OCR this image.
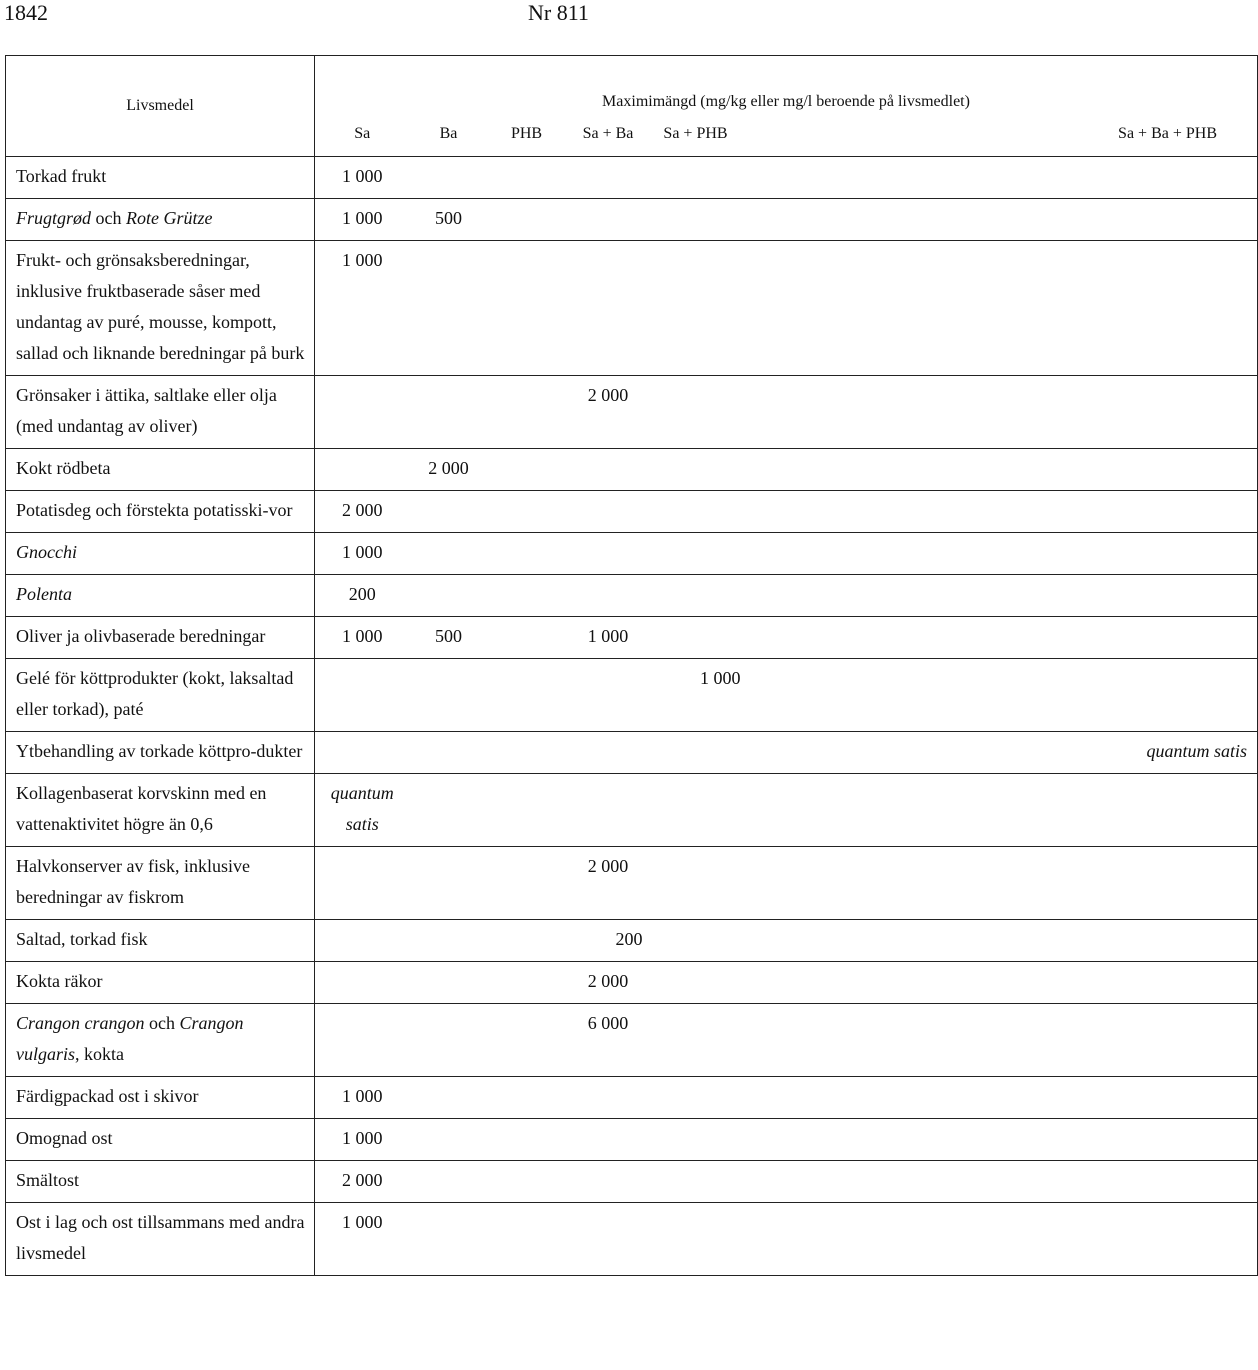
1842	Nr 811
Livsmedel	Maximimängd (mg/kg eller mg/l beroende på livsmedlet)					
	Sa	Ba	PHB	Sa + Ba	Sa + PHB	Sa + Ba + PHB
Torkad frukt	1 000					
Frugtgrød och Rote Grütze	1 000	500				
Frukt- och grönsaksberedningar, inklusive fruktbaserade såser med undantag av puré, mousse, kompott, sallad och liknande beredningar på burk	1 000					
Grönsaker i ättika, saltlake eller olja (med undantag av oliver)				2 000		
Kokt rödbeta		2 000				
Potatisdeg och förstekta potatisski-vor	2 000					
Gnocchi	1 000					
Polenta	200					
Oliver ja olivbaserade beredningar	1 000	500		1 000		
Gelé för köttprodukter (kokt, laksaltad eller torkad), paté					1 000	
Ytbehandling av torkade köttpro-dukter						quantum satis
Kollagenbaserat korvskinn med en vattenaktivitet högre än 0,6	quantum satis					
Halvkonserver av fisk, inklusive beredningar av fiskrom				2 000		
Saltad, torkad fisk				200		
Kokta räkor				2 000		
Crangon crangon och Crangon vulgaris, kokta				6 000		
Färdigpackad ost i skivor	1 000					
Omognad ost	1 000					
Smältost	2 000					
Ost i lag och ost tillsammans med andra livsmedel	1 000					
